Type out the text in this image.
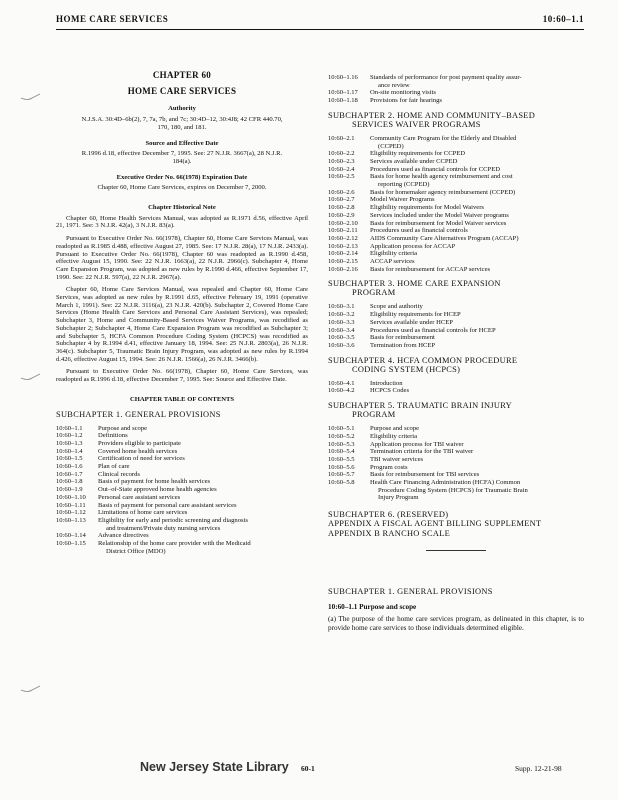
HOME CARE SERVICES	10:60–1.1
CHAPTER 60
HOME CARE SERVICES
Authority
N.J.S.A. 30:4D–6b(2), 7, 7a, 7b, and 7c; 30:4D–12, 30:4J8; 42 CFR 440.70, 170, 180, and 181.
Source and Effective Date
R.1996 d.18, effective December 7, 1995. See: 27 N.J.R. 3667(a), 28 N.J.R. 184(a).
Executive Order No. 66(1978) Expiration Date
Chapter 60, Home Care Services, expires on December 7, 2000.
Chapter Historical Note
Chapter 60, Home Health Services Manual, was adopted as R.1971 d.56, effective April 21, 1971. See: 3 N.J.R. 42(a), 3 N.J.R. 83(a).
Pursuant to Executive Order No. 66(1978), Chapter 60, Home Care Services Manual, was readopted as R.1985 d.488, effective August 27, 1985. See: 17 N.J.R. 28(a), 17 N.J.R. 2433(a). Pursuant to Executive Order No. 66(1978), Chapter 60 was readopted as R.1990 d.458, effective August 15, 1990. See: 22 N.J.R. 1663(a), 22 N.J.R. 2966(c). Subchapter 4, Home Care Expansion Program, was adopted as new rules by R.1990 d.466, effective September 17, 1990. See: 22 N.J.R. 597(a), 22 N.J.R. 2967(a).
Chapter 60, Home Care Services Manual, was repealed and Chapter 60, Home Care Services, was adopted as new rules by R.1991 d.65, effective February 19, 1991 (operative March 1, 1991). See: 22 N.J.R. 3116(a), 23 N.J.R. 420(b). Subchapter 2, Covered Home Care Services (Home Health Care Services and Personal Care Assistant Services), was repealed; Subchapter 3, Home and Community-Based Services Waiver Programs, was recodified as Subchapter 2; Subchapter 4, Home Care Expansion Program was recodified as Subchapter 3; and Subchapter 5, HCFA Common Procedure Coding System (HCPCS) was recodified as Subchapter 4 by R.1994 d.41, effective January 18, 1994. See: 25 N.J.R. 2803(a), 26 N.J.R. 364(c). Subchapter 5, Traumatic Brain Injury Program, was adopted as new rules by R.1994 d.426, effective August 15, 1994. See: 26 N.J.R. 1566(a), 26 N.J.R. 3466(b).
Pursuant to Executive Order No. 66(1978), Chapter 60, Home Care Services, was readopted as R.1996 d.18, effective December 7, 1995. See: Source and Effective Date.
CHAPTER TABLE OF CONTENTS
SUBCHAPTER 1. GENERAL PROVISIONS
10:60–1.1	Purpose and scope
10:60–1.2	Definitions
10:60–1.3	Providers eligible to participate
10:60–1.4	Covered home health services
10:60–1.5	Certification of need for services
10:60–1.6	Plan of care
10:60–1.7	Clinical records
10:60–1.8	Basis of payment for home health services
10:60–1.9	Out–of-State approved home health agencies
10:60–1.10	Personal care assistant services
10:60–1.11	Basis of payment for personal care assistant services
10:60–1.12	Limitations of home care services
10:60–1.13	Eligibility for early and periodic screening and diagnosis
and treatment/Private duty nursing services
10:60–1.14	Advance directives
10:60–1.15	Relationship of the home care provider with the Medicaid
District Office (MDO)
10:60–1.16	Standards of performance for post payment quality assur-
ance review
10:60–1.17	On-site monitoring visits
10:60–1.18	Provisions for fair hearings
SUBCHAPTER 2. HOME AND COMMUNITY–BASED
SERVICES WAIVER PROGRAMS
10:60–2.1	Community Care Program for the Elderly and Disabled
(CCPED)
10:60–2.2	Eligibility requirements for CCPED
10:60–2.3	Services available under CCPED
10:60–2.4	Procedures used as financial controls for CCPED
10:60–2.5	Basis for home health agency reimbursement and cost
reporting (CCPED)
10:60–2.6	Basis for homemaker agency reimbursement (CCPED)
10:60–2.7	Model Waiver Programs
10:60–2.8	Eligibility requirements for Model Waivers
10:60–2.9	Services included under the Model Waiver programs
10:60–2.10	Basis for reimbursement for Model Waiver services
10:60–2.11	Procedures used as financial controls
10:60–2.12	AIDS Community Care Alternatives Program (ACCAP)
10:60–2.13	Application process for ACCAP
10:60–2.14	Eligibility criteria
10:60–2.15	ACCAP services
10:60–2.16	Basis for reimbursement for ACCAP services
SUBCHAPTER 3. HOME CARE EXPANSION
PROGRAM
10:60–3.1	Scope and authority
10:60–3.2	Eligibility requirements for HCEP
10:60–3.3	Services available under HCEP
10:60–3.4	Procedures used as financial controls for HCEP
10:60–3.5	Basis for reimbursement
10:60–3.6	Termination from HCEP
SUBCHAPTER 4. HCFA COMMON PROCEDURE
CODING SYSTEM (HCPCS)
10:60–4.1	Introduction
10:60–4.2	HCPCS Codes
SUBCHAPTER 5. TRAUMATIC BRAIN INJURY
PROGRAM
10:60–5.1	Purpose and scope
10:60–5.2	Eligibility criteria
10:60–5.3	Application process for TBI waiver
10:60–5.4	Termination criteria for the TBI waiver
10:60–5.5	TBI waiver services
10:60–5.6	Program costs
10:60–5.7	Basis for reimbursement for TBI services
10:60–5.8	Health Care Financing Administration (HCFA) Common
Procedure Coding System (HCPCS) for Traumatic Brain
Injury Program
SUBCHAPTER 6. (RESERVED)
APPENDIX A FISCAL AGENT BILLING SUPPLEMENT
APPENDIX B RANCHO SCALE
SUBCHAPTER 1. GENERAL PROVISIONS
10:60–1.1 Purpose and scope
(a) The purpose of the home care services program, as delineated in this chapter, is to provide home care services to those individuals determined eligible.
New Jersey State Library 60-1	Supp. 12-21-98
